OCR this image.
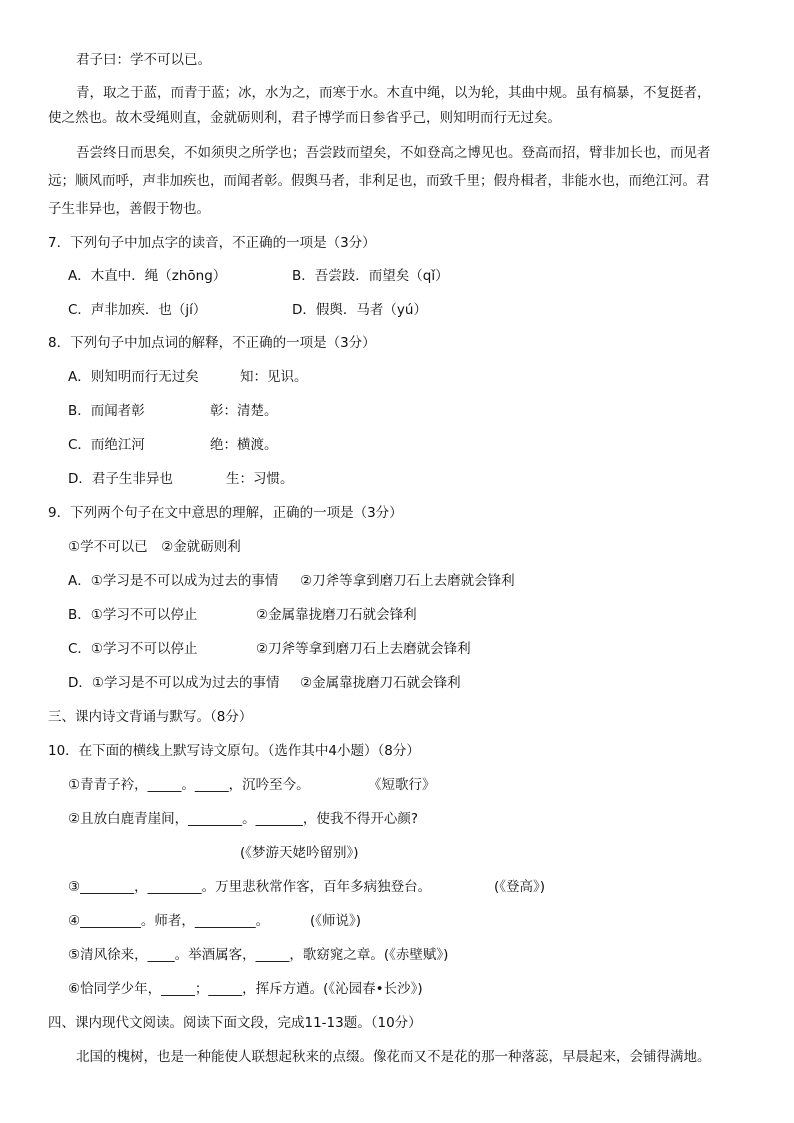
君子曰：学不可以已。
青，取之于蓝，而青于蓝；冰，水为之，而寒于水。木直中绳，以为轮，其曲中规。虽有槁暴，不复挺者，
使之然也。故木受绳则直，金就砺则利，君子博学而日参省乎己，则知明而行无过矣。
吾尝终日而思矣，不如须臾之所学也；吾尝跂而望矣，不如登高之博见也。登高而招，臂非加长也，而见者
远；顺风而呼，声非加疾也，而闻者彰。假舆马者，非利足也，而致千里；假舟楫者，非能水也，而绝江河。君
子生非异也，善假于物也。
7．下列句子中加点字的读音，不正确的一项是（3分）
A．木直中．绳（zhōng）	B．吾尝跂．而望矣（qǐ）
C．声非加疾．也（jí）	D．假舆．马者（yú）
8．下列句子中加点词的解释，不正确的一项是（3分）
A．则知明而行无过矣	知：见识。
B．而闻者彰	彰：清楚。
C．而绝江河	绝：横渡。
D．君子生非异也	生：习惯。
9．下列两个句子在文中意思的理解，正确的一项是（3分）
①学不可以已　②金就砺则利
A．①学习是不可以成为过去的事情 ②刀斧等拿到磨刀石上去磨就会锋利
B．①学习不可以停止	②金属靠拢磨刀石就会锋利
C．①学习不可以停止	②刀斧等拿到磨刀石上去磨就会锋利
D．①学习是不可以成为过去的事情 ②金属靠拢磨刀石就会锋利
三、课内诗文背诵与默写。（8分）
10．在下面的横线上默写诗文原句。（选作其中4小题）（8分）
①青青子衿，_____。_____，沉吟至今。	《短歌行》
②且放白鹿青崖间，________。_______，使我不得开心颜?
(《梦游天姥吟留别》)
③________，________。万里悲秋常作客，百年多病独登台。	(《登高》)
④_________。师者，_________。	(《师说》)
⑤清风徐来，____。举酒属客，_____，歌窈窕之章。(《赤壁赋》)
⑥恰同学少年，_____；_____，挥斥方遒。(《沁园春•长沙》)
四、课内现代文阅读。阅读下面文段，完成11-13题。（10分）
北国的槐树，也是一种能使人联想起秋来的点缀。像花而又不是花的那一种落蕊，早晨起来，会铺得满地。
